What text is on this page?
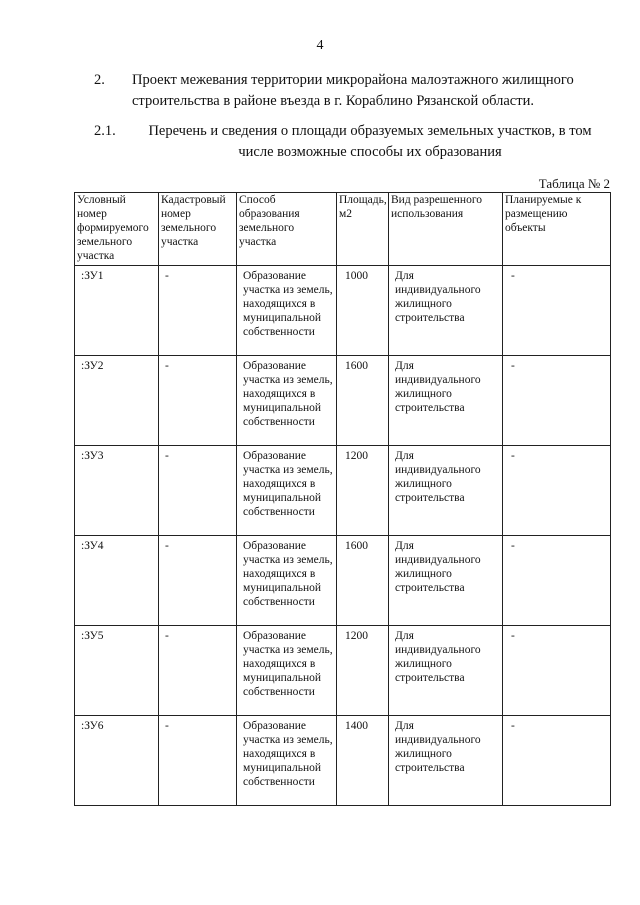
4
2. Проект межевания территории микрорайона малоэтажного жилищного строительства в районе въезда в г. Кораблино Рязанской области.
2.1.	Перечень и сведения о площади образуемых земельных участков, в том числе возможные способы их образования
Таблица № 2
Условный номер формируемого земельного участка	Кадастровый номер земельного участка	Способ образования земельного участка	Площадь, м2	Вид разрешенного использования	Планируемые к размещению объекты
:ЗУ1	-	Образование участка из земель, находящихся в муниципальной собственности	1000	Для индивидуального жилищного строительства	-
:ЗУ2	-	Образование участка из земель, находящихся в муниципальной собственности	1600	Для индивидуального жилищного строительства	-
:ЗУ3	-	Образование участка из земель, находящихся в муниципальной собственности	1200	Для индивидуального жилищного строительства	-
:ЗУ4	-	Образование участка из земель, находящихся в муниципальной собственности	1600	Для индивидуального жилищного строительства	-
:ЗУ5	-	Образование участка из земель, находящихся в муниципальной собственности	1200	Для индивидуального жилищного строительства	-
:ЗУ6	-	Образование участка из земель, находящихся в муниципальной собственности	1400	Для индивидуального жилищного строительства	-
